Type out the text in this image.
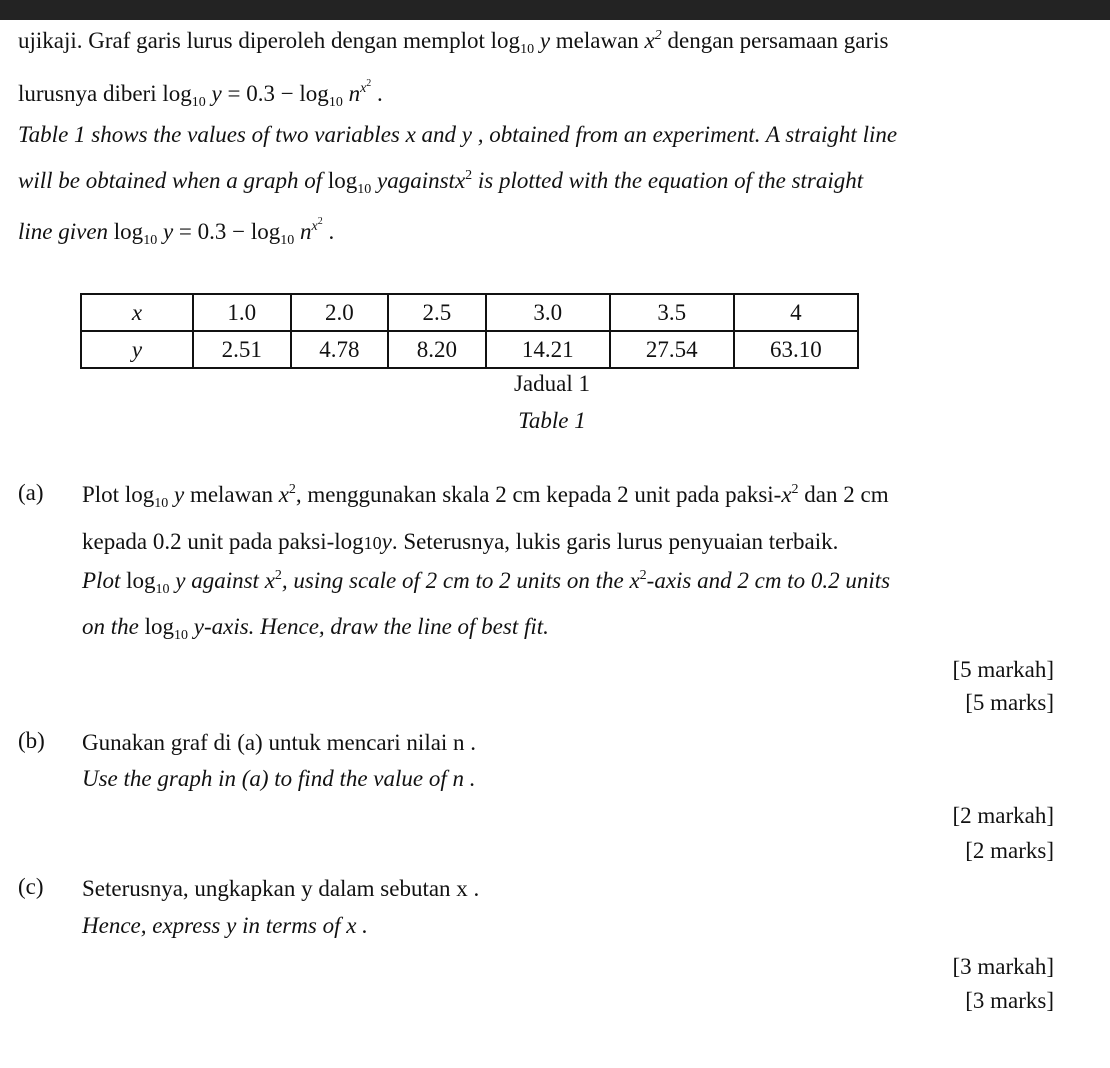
ujikaji. Graf garis lurus diperoleh dengan memplot $\log_{10} y$ melawan $x^2$ dengan persamaan garis
lurusnya diberi $\log_{10} y = 0.3 - \log_{10} n^{x^2}$ .
Table 1 shows the values of two variables x and y , obtained from an experiment. A straight line
will be obtained when a graph of $\log_{10}$ yagainstx$^2$ is plotted with the equation of the straight
line given $\log_{10} y = 0.3 - \log_{10} n^{x^2}$ .
x	1.0	2.0	2.5	3.0	3.5	4
y	2.51	4.78	8.20	14.21	27.54	63.10
Jadual 1
Table 1
(a) Plot $\log_{10} y$ melawan $x^2$, menggunakan skala 2 cm kepada 2 unit pada paksi-$x^2$ dan 2 cm
kepada 0.2 unit pada paksi-log10y. Seterusnya, lukis garis lurus penyuaian terbaik.
Plot $\log_{10} y$ against $x^2$, using scale of 2 cm to 2 units on the $x^2$-axis and 2 cm to 0.2 units
on the $\log_{10}$ y-axis. Hence, draw the line of best fit.
[5 markah]
[5 marks]
(b) Gunakan graf di (a) untuk mencari nilai n .
Use the graph in (a) to find the value of n .
[2 markah]
[2 marks]
(c) Seterusnya, ungkapkan y dalam sebutan x .
Hence, express y in terms of x .
[3 markah]
[3 marks]
